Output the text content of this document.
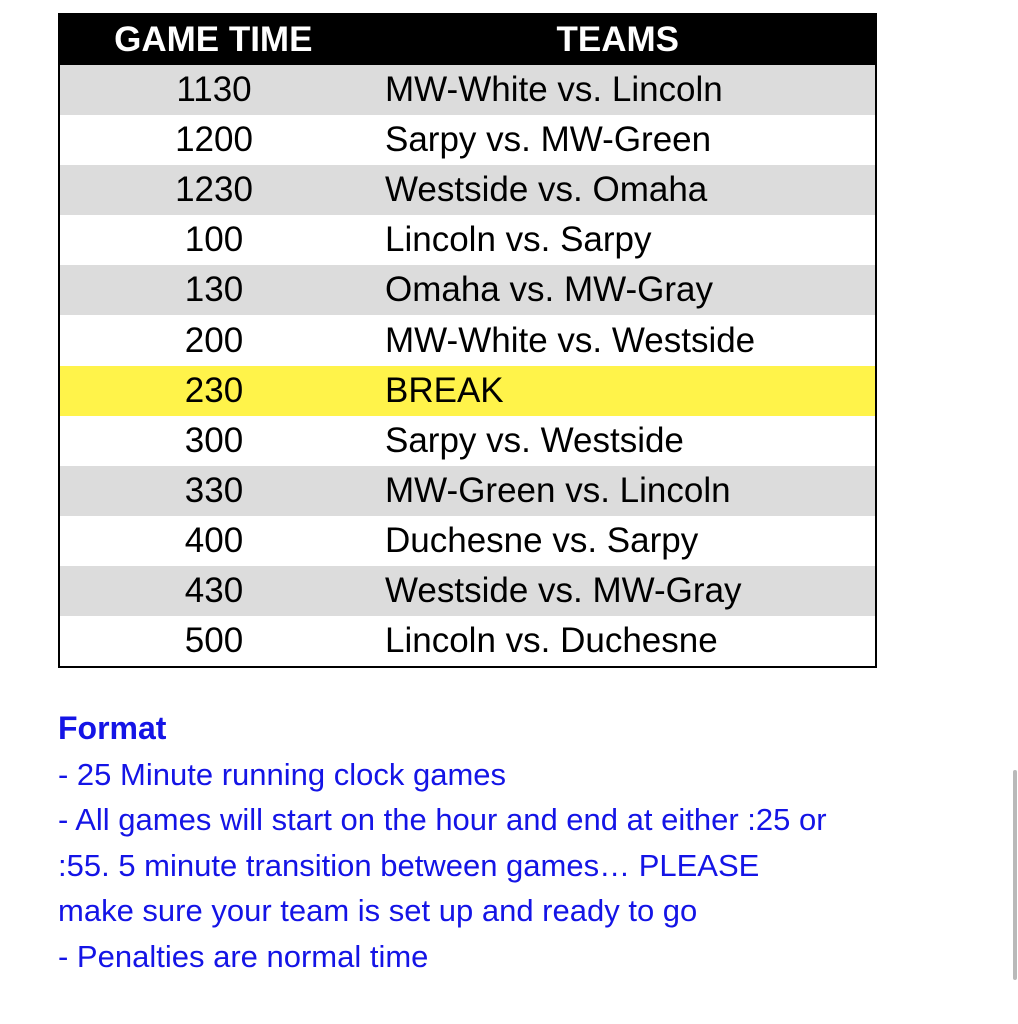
GAME TIME	TEAMS
1130	MW-White vs. Lincoln
1200	Sarpy vs. MW-Green
1230	Westside vs. Omaha
100	Lincoln vs. Sarpy
130	Omaha vs. MW-Gray
200	MW-White vs. Westside
230	BREAK
300	Sarpy vs. Westside
330	MW-Green vs. Lincoln
400	Duchesne vs. Sarpy
430	Westside vs. MW-Gray
500	Lincoln vs. Duchesne
Format
- 25 Minute running clock games
- All games will start on the hour and end at either :25 or
:55. 5 minute transition between games… PLEASE
make sure your team is set up and ready to go
- Penalties are normal time
